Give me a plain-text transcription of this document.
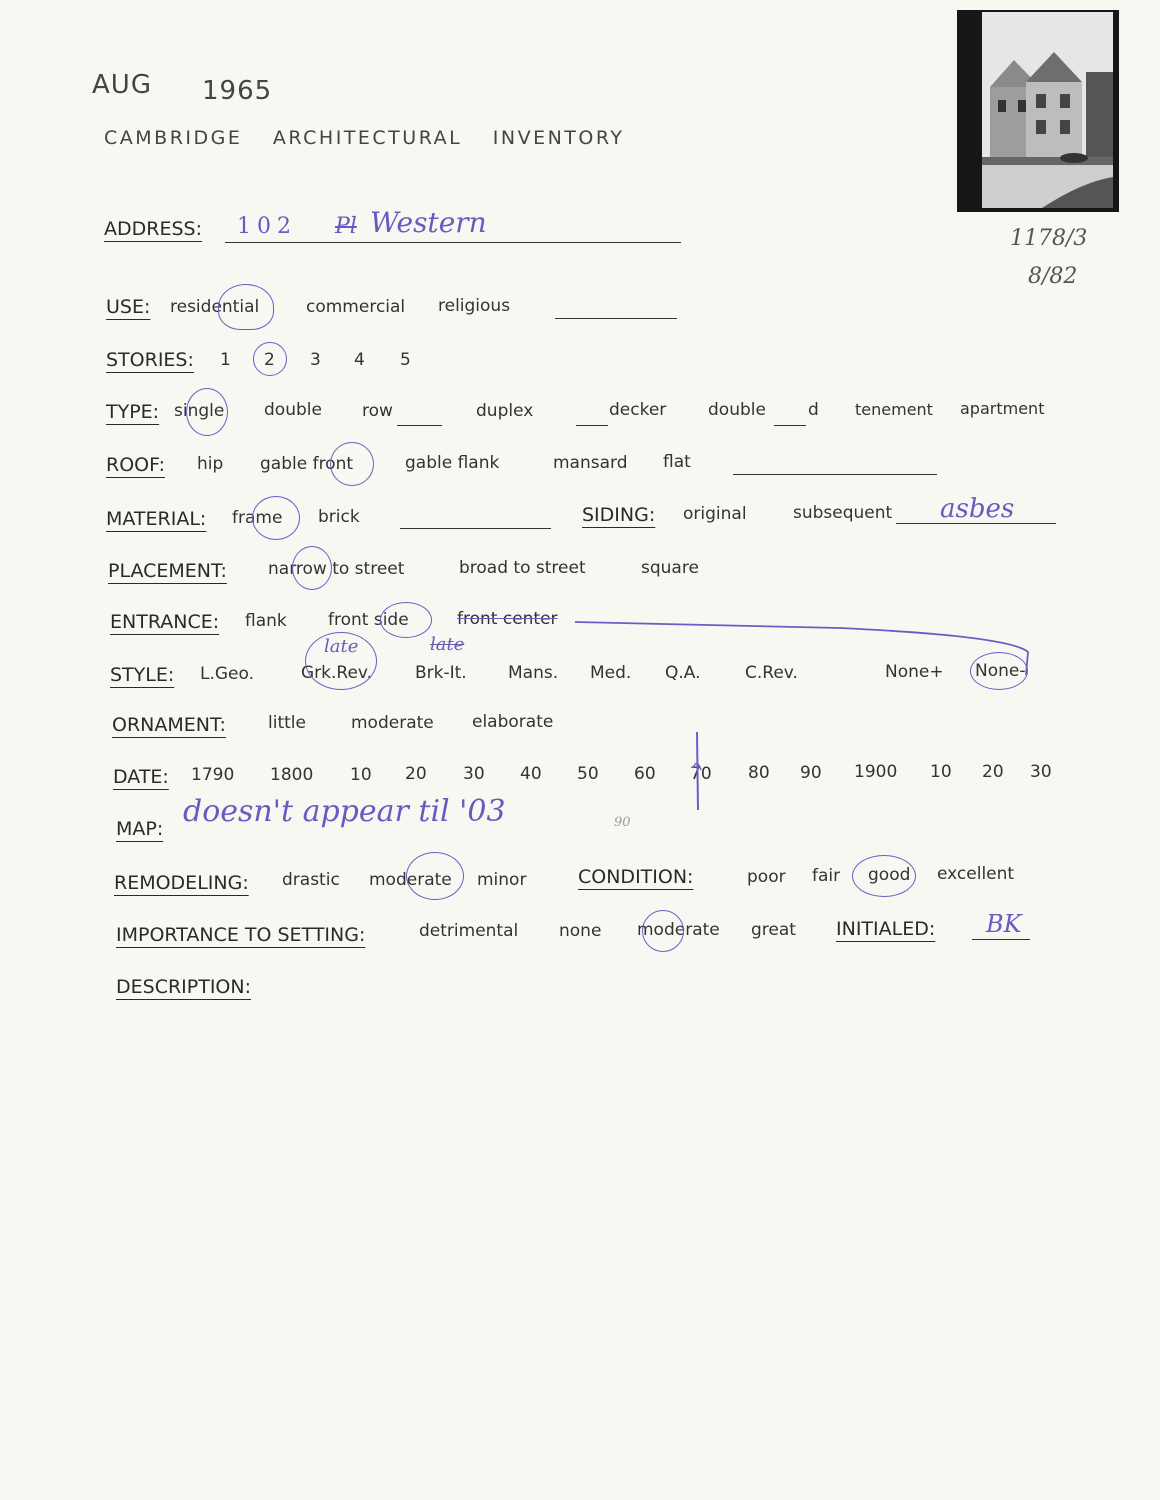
AUG 1965
CAMBRIDGE ARCHITECTURAL INVENTORY
1178/3
8/82
ADDRESS: 102 Pl Western
USE: residential	commercial religious
STORIES: 1 2 3 4 5
TYPE: single double row	duplex	decker double d tenement apartment
ROOF: hip gable front	gable flank	mansard flat
MATERIAL: frame brick	SIDING: original	subsequent asbes
PLACEMENT: narrow to street	broad to street	square
ENTRANCE: flank front side	front center
STYLE: L.Geo.	Grk.Rev.	Brk-It. Mans. Med. Q.A.	C.Rev.	None+ None-
late	late
ORNAMENT: little	moderate elaborate
DATE: 1790 1800 10 20 30 40 50 60 70 80 90 1900 10 20 30
MAP: doesn't appear til '03	90
REMODELING: drastic moderate minor	CONDITION:	poor fair good excellent
IMPORTANCE TO SETTING:	detrimental none moderate great INITIALED: BK
DESCRIPTION:
